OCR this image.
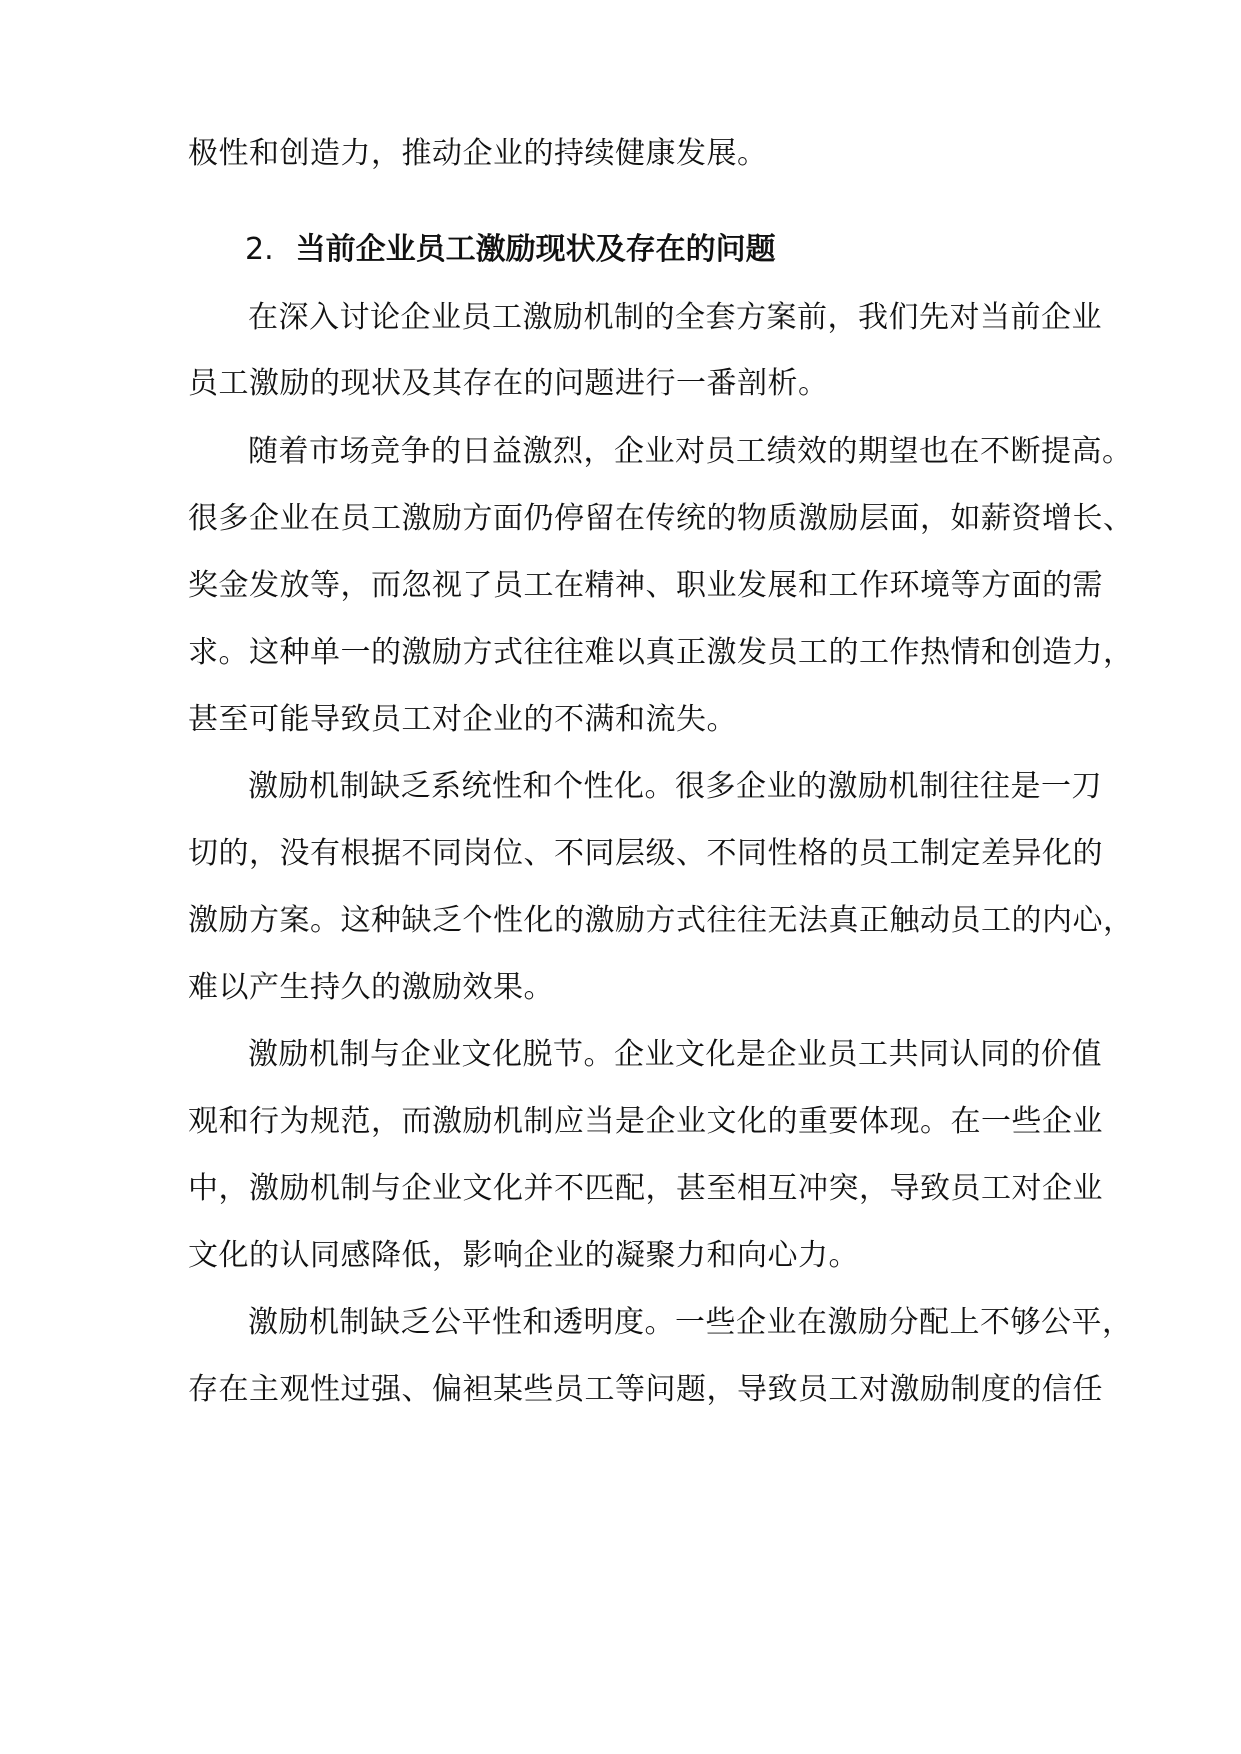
极性和创造力，推动企业的持续健康发展。
2. 当前企业员工激励现状及存在的问题
在深入讨论企业员工激励机制的全套方案前，我们先对当前企业
员工激励的现状及其存在的问题进行一番剖析。
随着市场竞争的日益激烈，企业对员工绩效的期望也在不断提高。
很多企业在员工激励方面仍停留在传统的物质激励层面，如薪资增长、
奖金发放等，而忽视了员工在精神、职业发展和工作环境等方面的需
求。这种单一的激励方式往往难以真正激发员工的工作热情和创造力，
甚至可能导致员工对企业的不满和流失。
激励机制缺乏系统性和个性化。很多企业的激励机制往往是一刀
切的，没有根据不同岗位、不同层级、不同性格的员工制定差异化的
激励方案。这种缺乏个性化的激励方式往往无法真正触动员工的内心，
难以产生持久的激励效果。
激励机制与企业文化脱节。企业文化是企业员工共同认同的价值
观和行为规范，而激励机制应当是企业文化的重要体现。在一些企业
中，激励机制与企业文化并不匹配，甚至相互冲突，导致员工对企业
文化的认同感降低，影响企业的凝聚力和向心力。
激励机制缺乏公平性和透明度。一些企业在激励分配上不够公平，
存在主观性过强、偏袒某些员工等问题，导致员工对激励制度的信任
